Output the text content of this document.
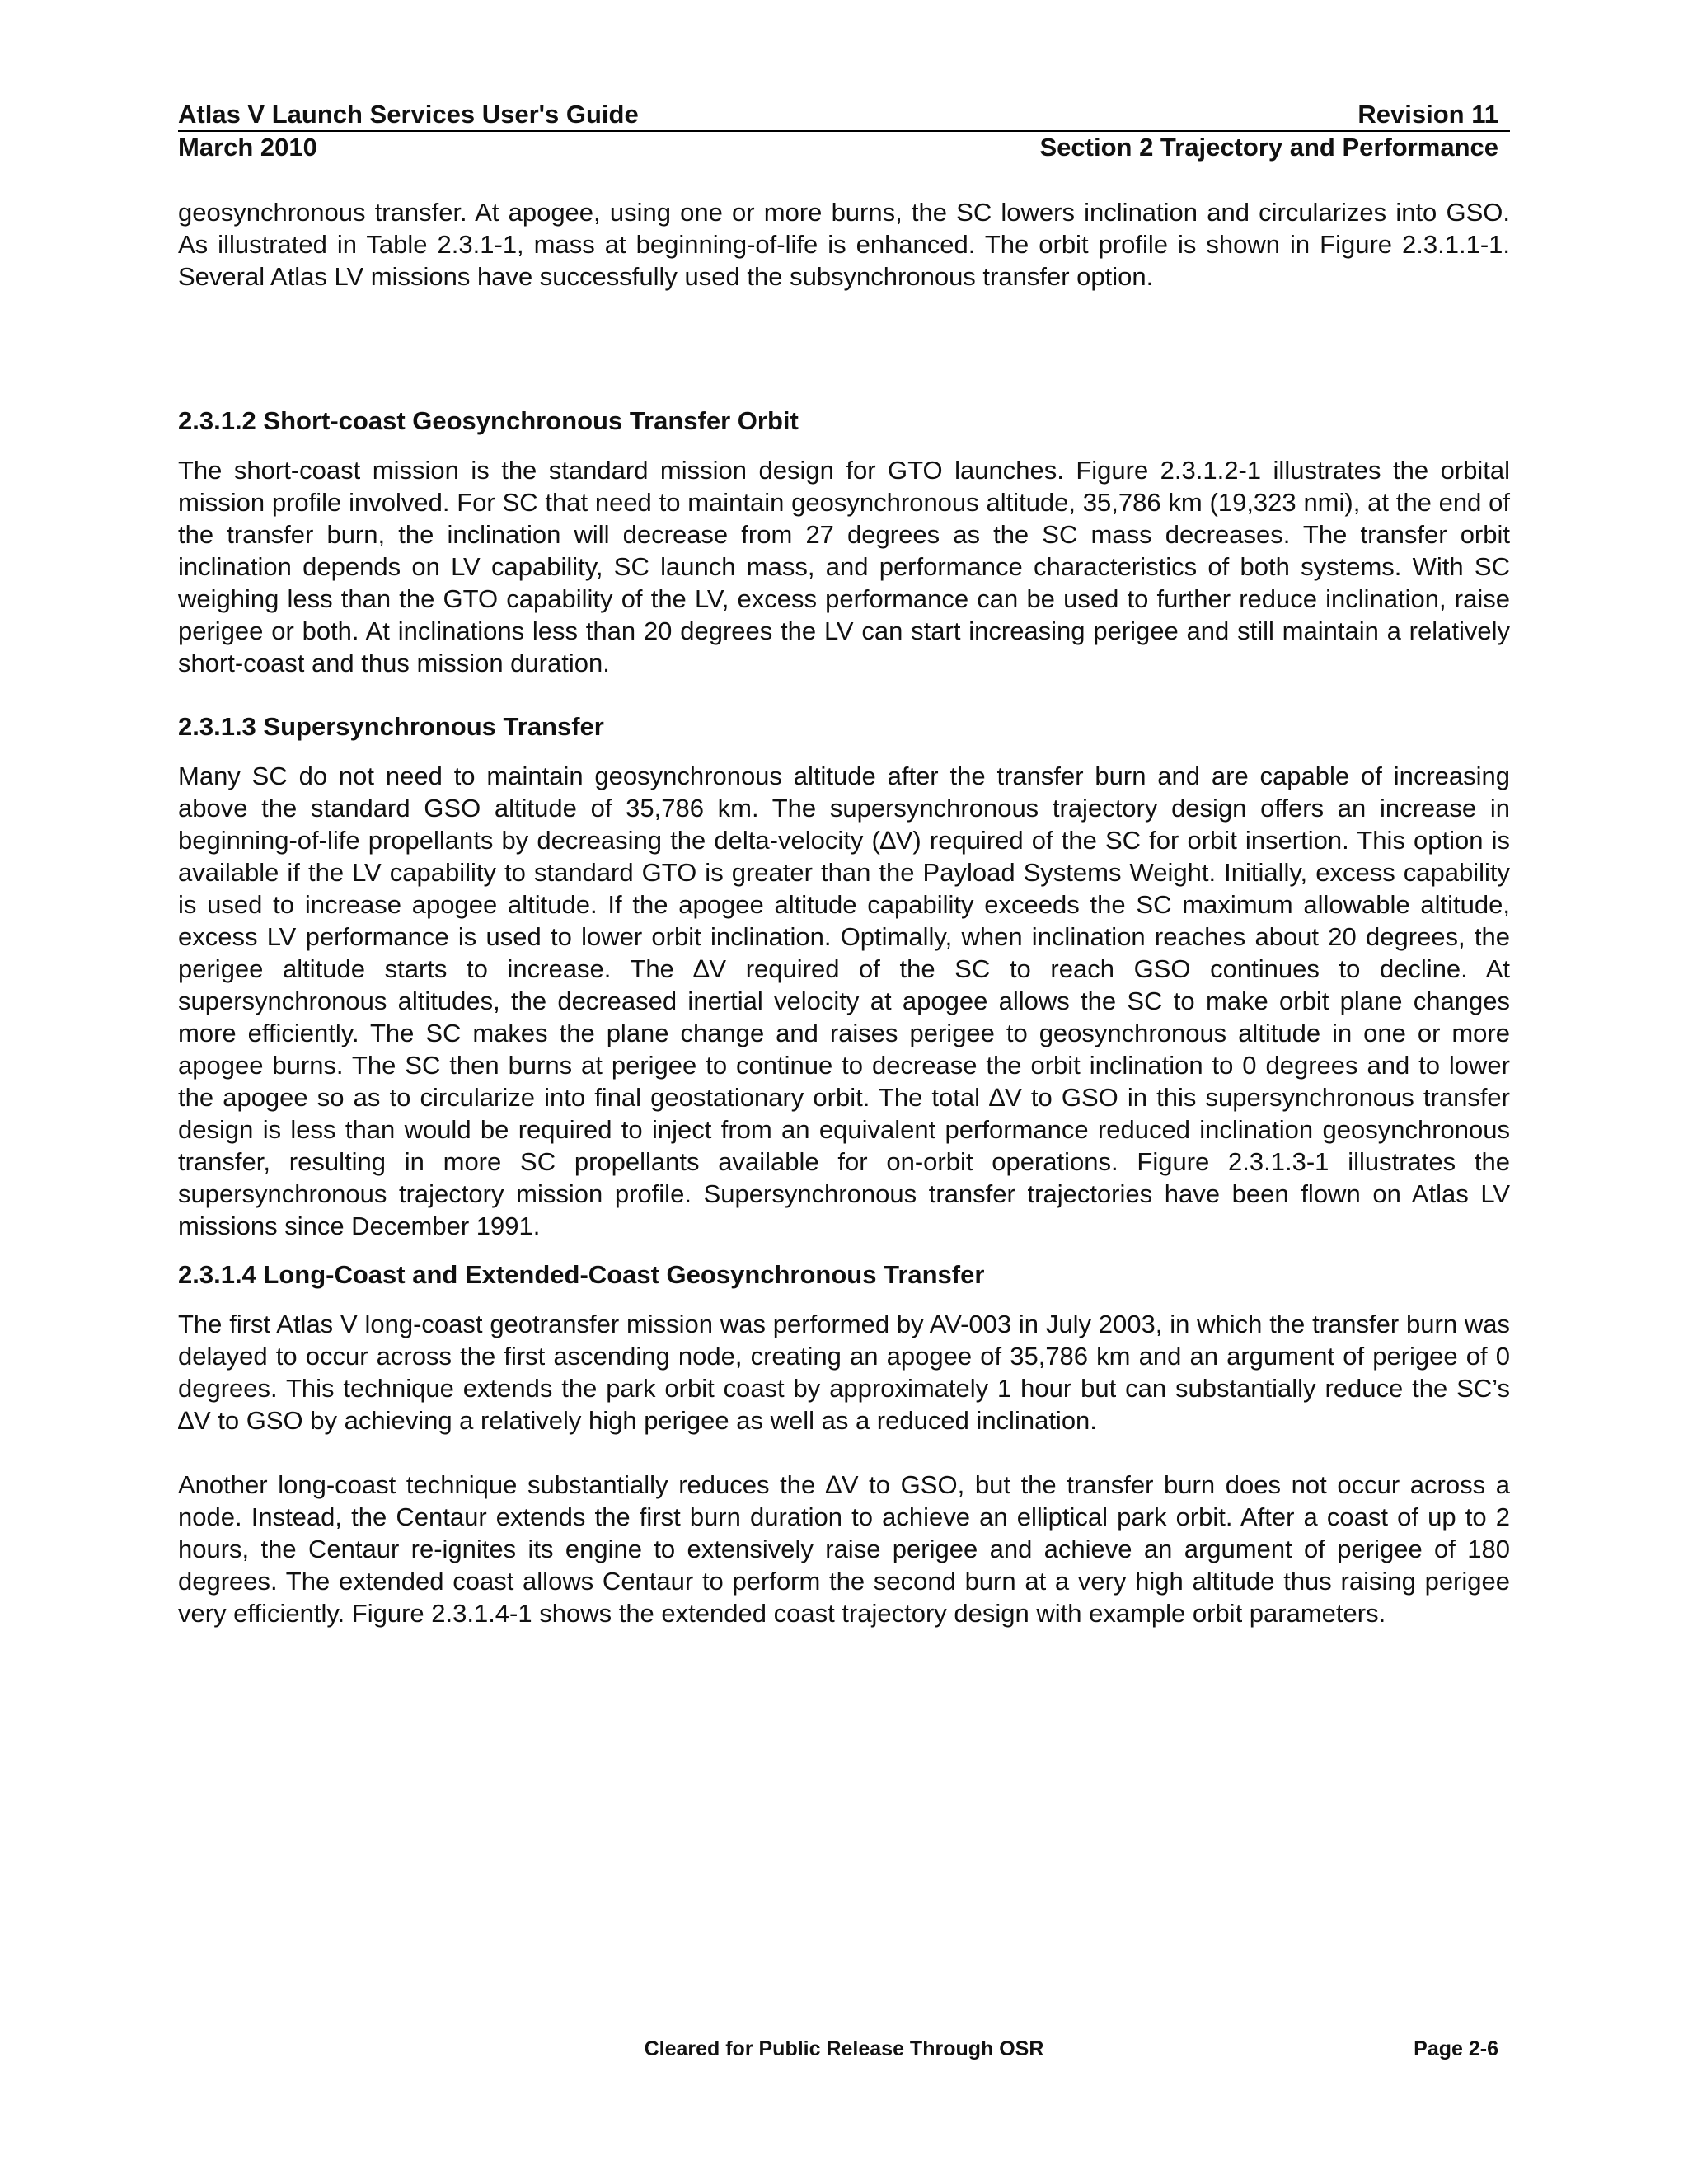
Atlas V Launch Services User's Guide	Revision 11
March 2010	Section 2 Trajectory and Performance

geosynchronous transfer. At apogee, using one or more burns, the SC lowers inclination and circularizes into GSO. As illustrated in Table 2.3.1-1, mass at beginning-of-life is enhanced. The orbit profile is shown in Figure 2.3.1.1-1. Several Atlas LV missions have successfully used the subsynchronous transfer option.

2.3.1.2 Short-coast Geosynchronous Transfer Orbit

The short-coast mission is the standard mission design for GTO launches. Figure 2.3.1.2-1 illustrates the orbital mission profile involved. For SC that need to maintain geosynchronous altitude, 35,786 km (19,323 nmi), at the end of the transfer burn, the inclination will decrease from 27 degrees as the SC mass decreases. The transfer orbit inclination depends on LV capability, SC launch mass, and performance characteristics of both systems. With SC weighing less than the GTO capability of the LV, excess performance can be used to further reduce inclination, raise perigee or both. At inclinations less than 20 degrees the LV can start increasing perigee and still maintain a relatively short-coast and thus mission duration.

2.3.1.3 Supersynchronous Transfer

Many SC do not need to maintain geosynchronous altitude after the transfer burn and are capable of increasing above the standard GSO altitude of 35,786 km. The supersynchronous trajectory design offers an increase in beginning-of-life propellants by decreasing the delta-velocity (∆V) required of the SC for orbit insertion. This option is available if the LV capability to standard GTO is greater than the Payload Systems Weight. Initially, excess capability is used to increase apogee altitude. If the apogee altitude capability exceeds the SC maximum allowable altitude, excess LV performance is used to lower orbit inclination. Optimally, when inclination reaches about 20 degrees, the perigee altitude starts to increase. The ∆V required of the SC to reach GSO continues to decline. At supersynchronous altitudes, the decreased inertial velocity at apogee allows the SC to make orbit plane changes more efficiently. The SC makes the plane change and raises perigee to geosynchronous altitude in one or more apogee burns. The SC then burns at perigee to continue to decrease the orbit inclination to 0 degrees and to lower the apogee so as to circularize into final geostationary orbit. The total ∆V to GSO in this supersynchronous transfer design is less than would be required to inject from an equivalent performance reduced inclination geosynchronous transfer, resulting in more SC propellants available for on-orbit operations. Figure 2.3.1.3-1 illustrates the supersynchronous trajectory mission profile. Supersynchronous transfer trajectories have been flown on Atlas LV missions since December 1991.

2.3.1.4 Long-Coast and Extended-Coast Geosynchronous Transfer

The first Atlas V long-coast geotransfer mission was performed by AV-003 in July 2003, in which the transfer burn was delayed to occur across the first ascending node, creating an apogee of 35,786 km and an argument of perigee of 0 degrees. This technique extends the park orbit coast by approximately 1 hour but can substantially reduce the SC’s ∆V to GSO by achieving a relatively high perigee as well as a reduced inclination.

Another long-coast technique substantially reduces the ∆V to GSO, but the transfer burn does not occur across a node. Instead, the Centaur extends the first burn duration to achieve an elliptical park orbit. After a coast of up to 2 hours, the Centaur re-ignites its engine to extensively raise perigee and achieve an argument of perigee of 180 degrees. The extended coast allows Centaur to perform the second burn at a very high altitude thus raising perigee very efficiently. Figure 2.3.1.4-1 shows the extended coast trajectory design with example orbit parameters.

Cleared for Public Release Through OSR	Page 2-6
